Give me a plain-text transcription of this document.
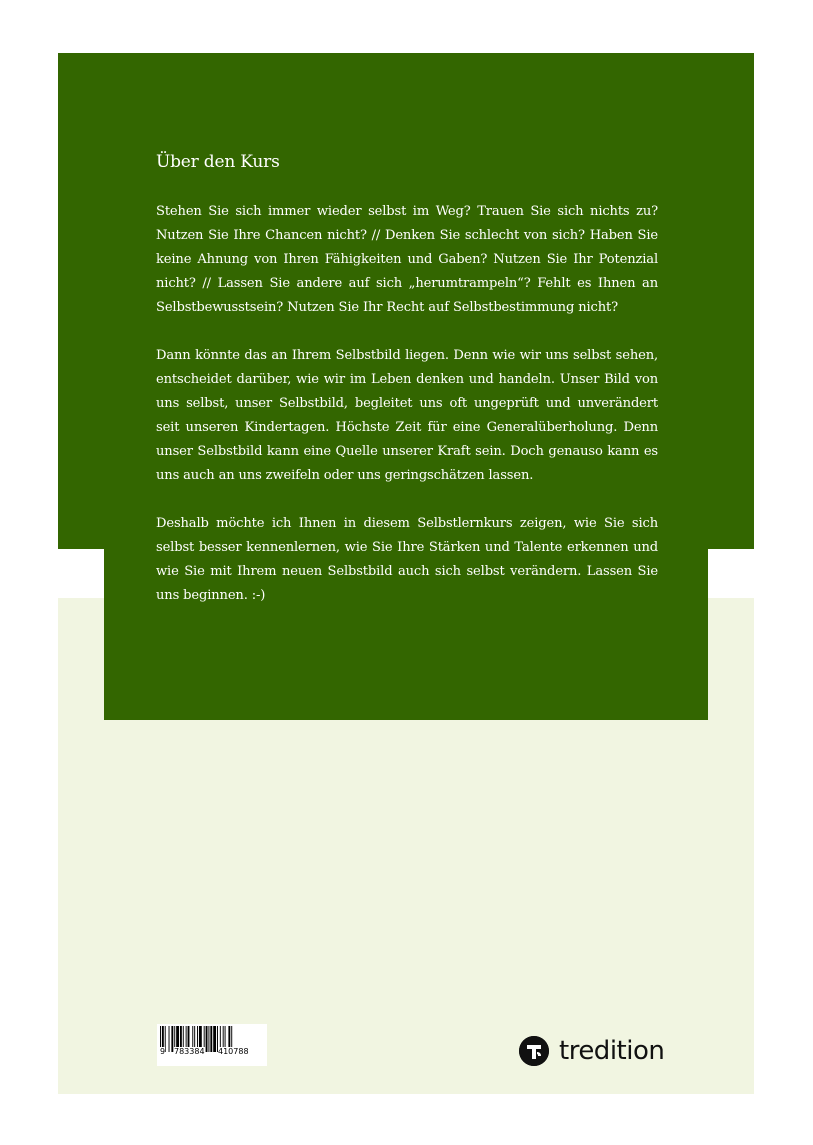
Über den Kurs

Stehen Sie sich immer wieder selbst im Weg? Trauen Sie sich nichts zu? Nutzen Sie Ihre Chancen nicht? // Denken Sie schlecht von sich? Haben Sie keine Ahnung von Ihren Fähigkeiten und Gaben? Nutzen Sie Ihr Potenzial nicht? // Lassen Sie andere auf sich „herumtrampeln“? Fehlt es Ihnen an Selbstbewusstsein? Nutzen Sie Ihr Recht auf Selbstbestimmung nicht?

Dann könnte das an Ihrem Selbstbild liegen. Denn wie wir uns selbst sehen, entscheidet darüber, wie wir im Leben denken und handeln. Unser Bild von uns selbst, unser Selbstbild, begleitet uns oft ungeprüft und unverändert seit unseren Kindertagen. Höchste Zeit für eine Generalüberholung. Denn unser Selbstbild kann eine Quelle unserer Kraft sein. Doch genauso kann es uns auch an uns zweifeln oder uns geringschätzen lassen.

Deshalb möchte ich Ihnen in diesem Selbstlernkurs zeigen, wie Sie sich selbst besser kennenlernen, wie Sie Ihre Stärken und Talente erkennen und wie Sie mit Ihrem neuen Selbstbild auch sich selbst verändern. Lassen Sie uns beginnen. :-)

9 783384 410788	tredition
